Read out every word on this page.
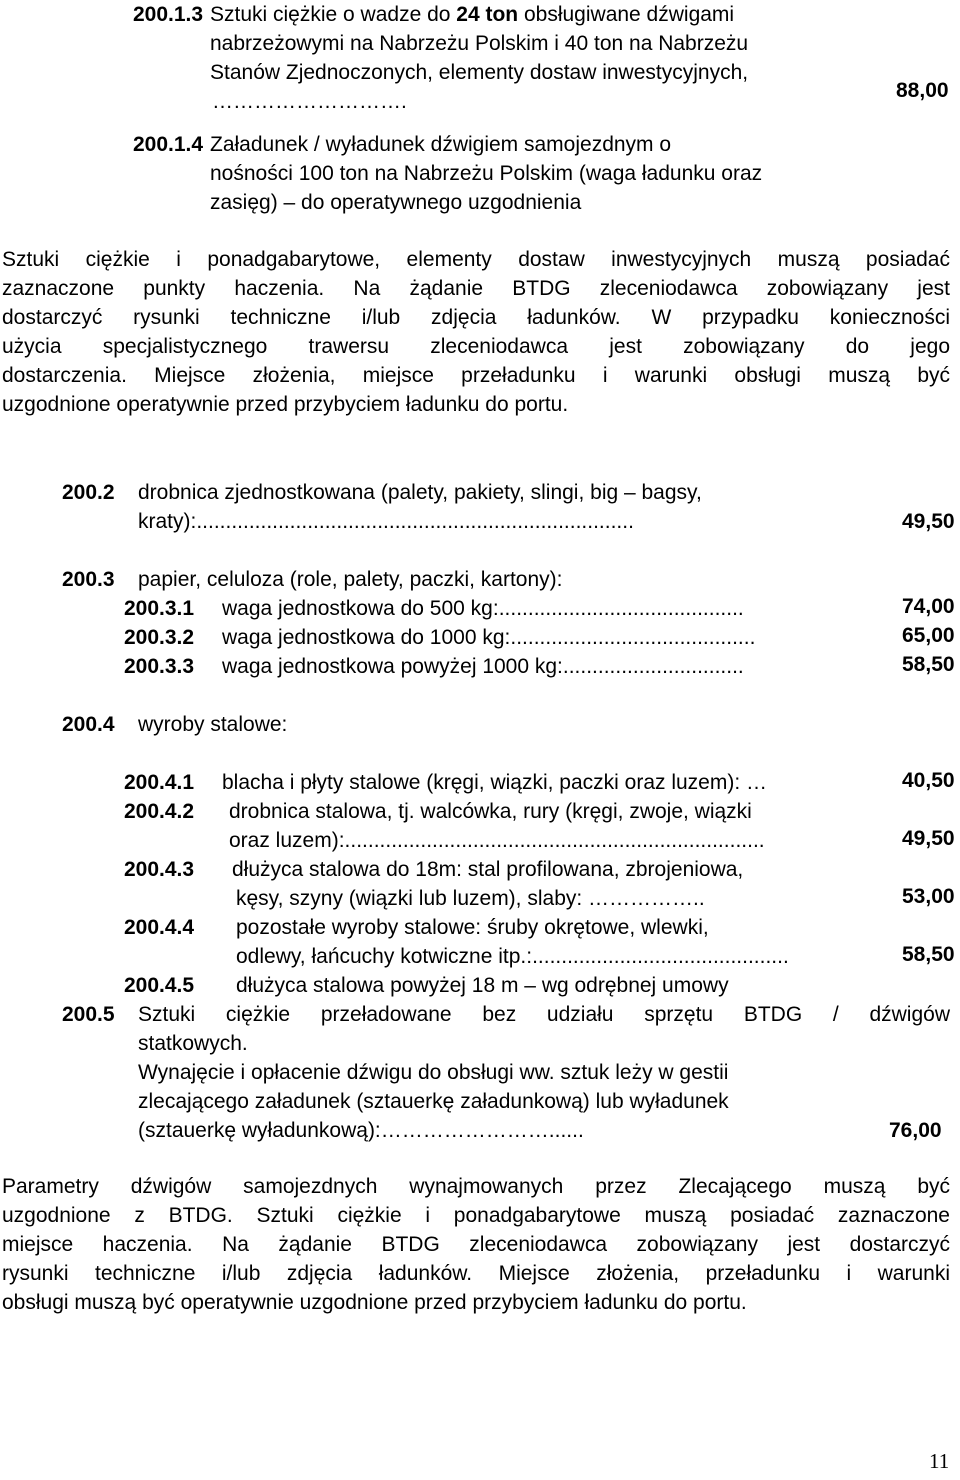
200.1.3 Sztuki ciężkie o wadze do 24 ton obsługiwane dźwigami
nabrzeżowymi na Nabrzeżu Polskim i 40 ton na Nabrzeżu
Stanów Zjednoczonych, elementy dostaw inwestycyjnych,
……………………….	88,00
200.1.4 Załadunek / wyładunek dźwigiem samojezdnym o
nośności 100 ton na Nabrzeżu Polskim (waga ładunku oraz
zasięg) – do operatywnego uzgodnienia
Sztuki ciężkie i ponadgabarytowe, elementy dostaw inwestycyjnych muszą posiadać
zaznaczone punkty haczenia. Na żądanie BTDG zleceniodawca zobowiązany jest
dostarczyć rysunki techniczne i/lub zdjęcia ładunków. W przypadku konieczności
użycia specjalistycznego trawersu zleceniodawca jest zobowiązany do jego
dostarczenia. Miejsce złożenia, miejsce przeładunku i warunki obsługi muszą być
uzgodnione operatywnie przed przybyciem ładunku do portu.
200.2 drobnica zjednostkowana (palety, pakiety, slingi, big – bagsy,
kraty):...........................................................................	49,50
200.3 papier, celuloza (role, palety, paczki, kartony):
200.3.1 waga jednostkowa do 500 kg:..........................................	74,00
200.3.2 waga jednostkowa do 1000 kg:..........................................	65,00
200.3.3 waga jednostkowa powyżej 1000 kg:...............................	58,50
200.4 wyroby stalowe:
200.4.1 blacha i płyty stalowe (kręgi, wiązki, paczki oraz luzem): …	40,50
200.4.2 drobnica stalowa, tj. walcówka, rury (kręgi, zwoje, wiązki
oraz luzem):........................................................................	49,50
200.4.3 dłużyca stalowa do 18m: stal profilowana, zbrojeniowa,
kęsy, szyny (wiązki lub luzem), slaby: ……………..	53,00
200.4.4 pozostałe wyroby stalowe: śruby okrętowe, wlewki,
odlewy, łańcuchy kotwiczne itp.:............................................	58,50
200.4.5 dłużyca stalowa powyżej 18 m – wg odrębnej umowy
200.5 Sztuki ciężkie przeładowane bez udziału sprzętu BTDG / dźwigów
statkowych.
Wynajęcie i opłacenie dźwigu do obsługi ww. sztuk leży w gestii
zlecającego załadunek (sztauerkę załadunkową) lub wyładunek
(sztauerkę wyładunkową):……………………......	76,00
Parametry dźwigów samojezdnych wynajmowanych przez Zlecającego muszą być
uzgodnione z BTDG. Sztuki ciężkie i ponadgabarytowe muszą posiadać zaznaczone
miejsce haczenia. Na żądanie BTDG zleceniodawca zobowiązany jest dostarczyć
rysunki techniczne i/lub zdjęcia ładunków. Miejsce złożenia, przeładunku i warunki
obsługi muszą być operatywnie uzgodnione przed przybyciem ładunku do portu.
11
